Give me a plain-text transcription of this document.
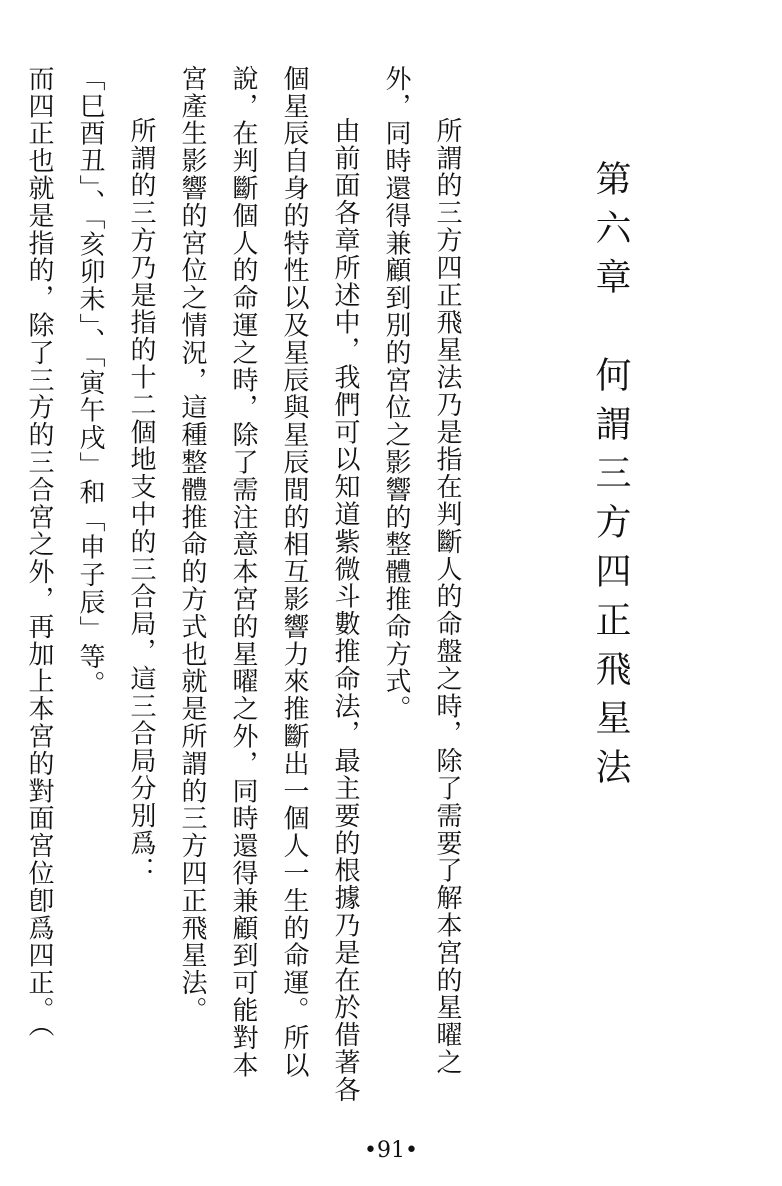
第六章　何謂三方四正飛星法

所謂的三方四正飛星法乃是指在判斷人的命盤之時，除了需要了解本宮的星曜之外，同時還得兼顧到別的宮位之影響的整體推命方式。

由前面各章所述中，我們可以知道紫微斗數推命法，最主要的根據乃是在於借著各個星辰自身的特性以及星辰與星辰間的相互影響力來推斷出一個人一生的命運。所以說，在判斷個人的命運之時，除了需注意本宮的星曜之外，同時還得兼顧到可能對本宮產生影響的宮位之情況，這種整體推命的方式也就是所謂的三方四正飛星法。

所謂的三方乃是指的十二個地支中的三合局，這三合局分別爲：

「巳酉丑」、「亥卯未」、「寅午戌」和「申子辰」等。

而四正也就是指的，除了三方的三合宮之外，再加上本宮的對面宮位卽爲四正。（

•91•
